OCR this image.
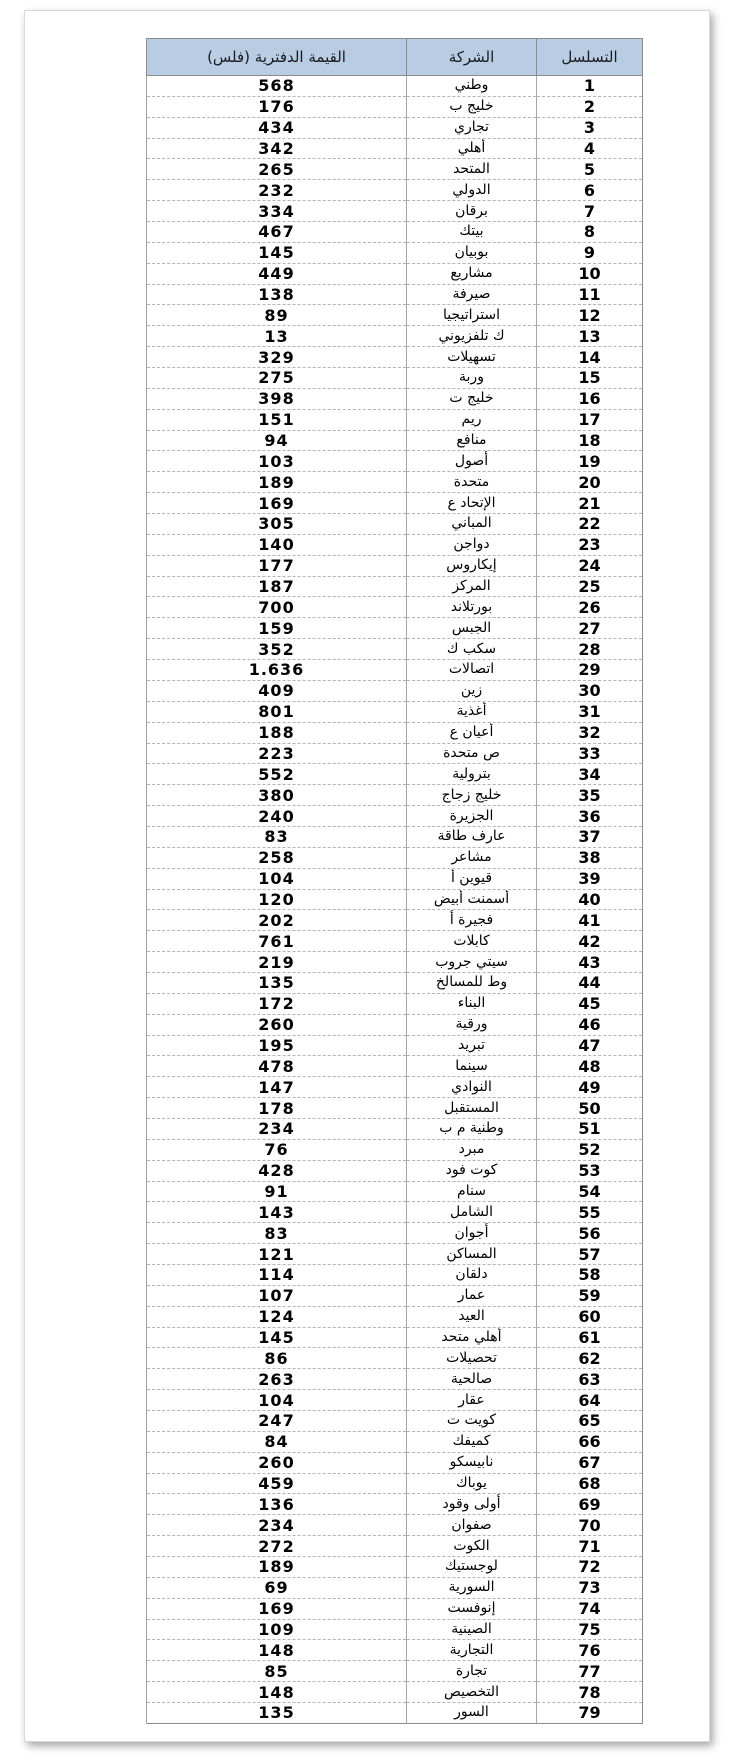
التسلسل	الشركة	القيمة الدفترية (فلس)
1	وطني	568
2	خليج ب	176
3	تجاري	434
4	أهلي	342
5	المتحد	265
6	الدولي	232
7	برقان	334
8	بيتك	467
9	بوبيان	145
10	مشاريع	449
11	صيرفة	138
12	استراتيجيا	89
13	ك تلفزيوني	13
14	تسهيلات	329
15	وربة	275
16	خليج ت	398
17	ريم	151
18	منافع	94
19	أصول	103
20	متحدة	189
21	الإتحاد ع	169
22	المباني	305
23	دواجن	140
24	إيكاروس	177
25	المركز	187
26	بورتلاند	700
27	الجبس	159
28	سكب ك	352
29	اتصالات	1.636
30	زين	409
31	أغذية	801
32	أعيان ع	188
33	ص متحدة	223
34	بترولية	552
35	خليج زجاج	380
36	الجزيرة	240
37	عارف طاقة	83
38	مشاعر	258
39	قيوين أ	104
40	أسمنت أبيض	120
41	فجيرة أ	202
42	كابلات	761
43	سيتي جروب	219
44	وط للمسالخ	135
45	البناء	172
46	ورقية	260
47	تبريد	195
48	سينما	478
49	النوادي	147
50	المستقبل	178
51	وطنية م ب	234
52	مبرد	76
53	كوت فود	428
54	سنام	91
55	الشامل	143
56	أجوان	83
57	المساكن	121
58	دلقان	114
59	عمار	107
60	العيد	124
61	أهلي متحد	145
62	تحصيلات	86
63	صالحية	263
64	عقار	104
65	كويت ت	247
66	كميفك	84
67	نابيسكو	260
68	يوباك	459
69	أولى وقود	136
70	صفوان	234
71	الكوت	272
72	لوجستيك	189
73	السورية	69
74	إنوفست	169
75	الصينية	109
76	التجارية	148
77	تجارة	85
78	التخصيص	148
79	السور	135
